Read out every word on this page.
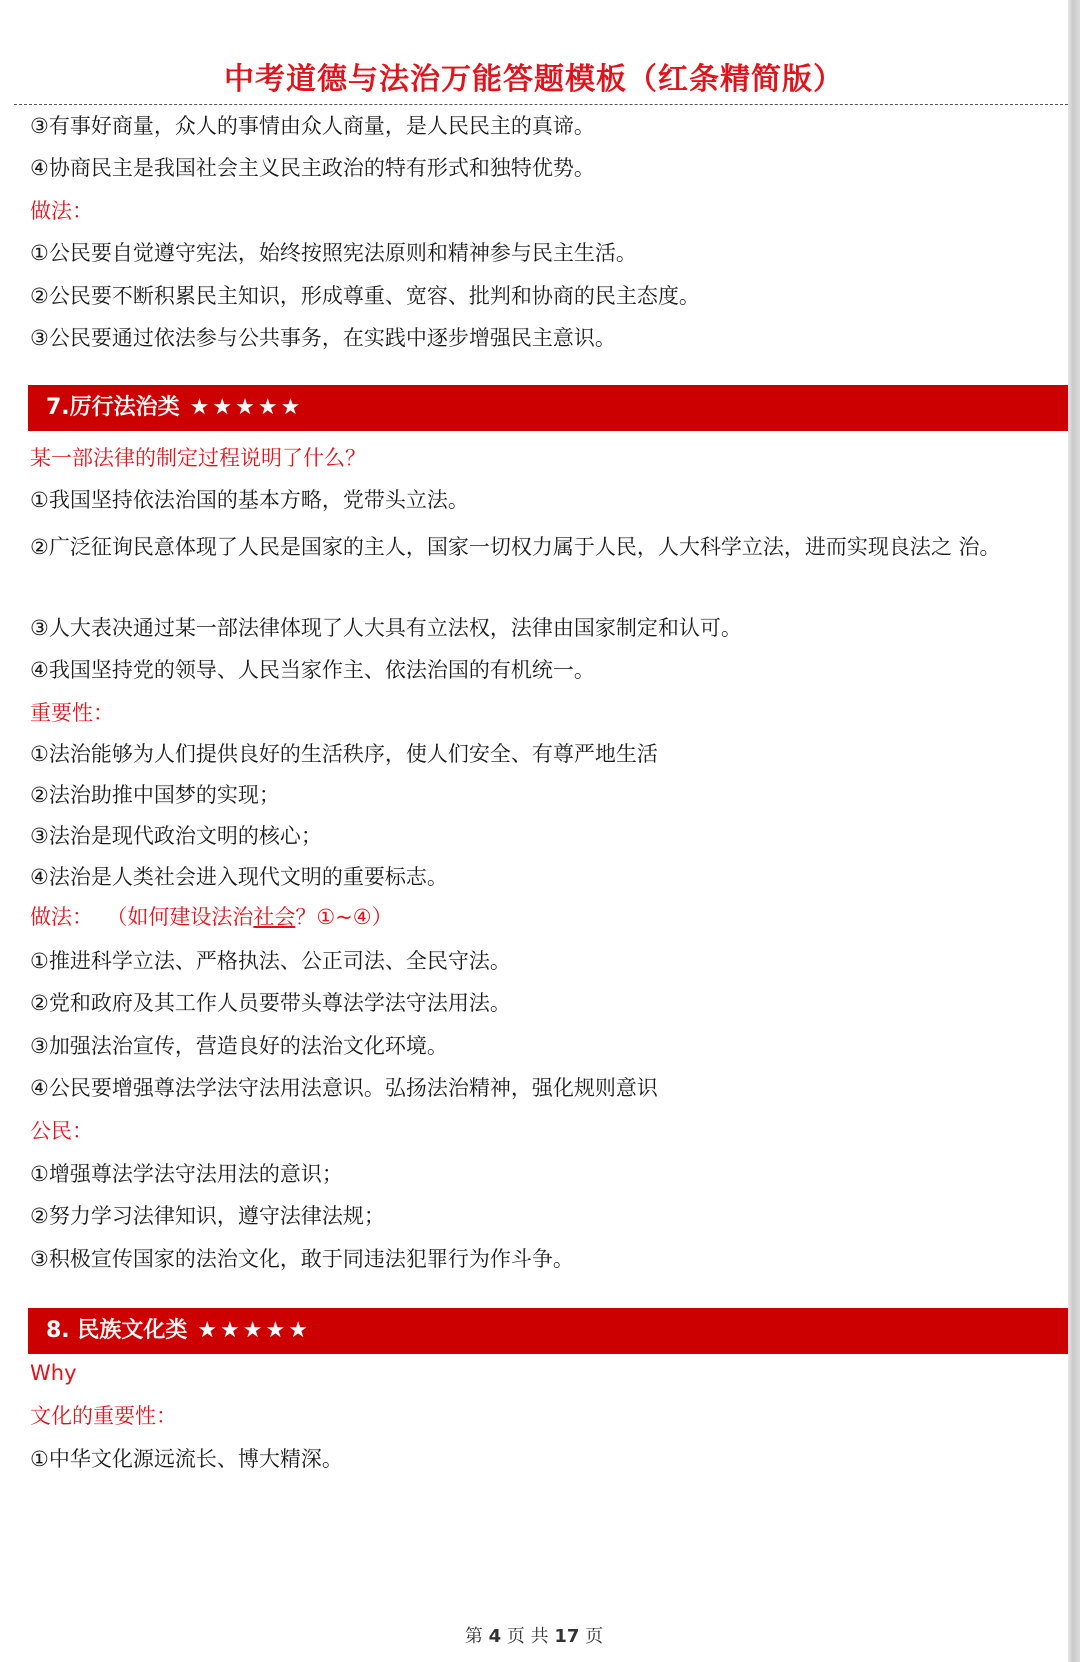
中考道德与法治万能答题模板（红条精简版）
③有事好商量，众人的事情由众人商量，是人民民主的真谛。
④协商民主是我国社会主义民主政治的特有形式和独特优势。
做法：
①公民要自觉遵守宪法，始终按照宪法原则和精神参与民主生活。
②公民要不断积累民主知识，形成尊重、宽容、批判和协商的民主态度。
③公民要通过依法参与公共事务，在实践中逐步增强民主意识。
7.厉行法治类 ★★★★★
某一部法律的制定过程说明了什么？
①我国坚持依法治国的基本方略，党带头立法。
②广泛征询民意体现了人民是国家的主人，国家一切权力属于人民，人大科学立法，进而实现良法之 治。
③人大表决通过某一部法律体现了人大具有立法权，法律由国家制定和认可。
④我国坚持党的领导、人民当家作主、依法治国的有机统一。
重要性：
①法治能够为人们提供良好的生活秩序，使人们安全、有尊严地生活
②法治助推中国梦的实现；
③法治是现代政治文明的核心；
④法治是人类社会进入现代文明的重要标志。
做法： （如何建设法治社会？①~④）
①推进科学立法、严格执法、公正司法、全民守法。
②党和政府及其工作人员要带头尊法学法守法用法。
③加强法治宣传，营造良好的法治文化环境。
④公民要增强尊法学法守法用法意识。弘扬法治精神，强化规则意识
公民：
①增强尊法学法守法用法的意识；
②努力学习法律知识，遵守法律法规；
③积极宣传国家的法治文化，敢于同违法犯罪行为作斗争。
8. 民族文化类 ★★★★★
Why
文化的重要性：
①中华文化源远流长、博大精深。
第 4 页 共 17 页
